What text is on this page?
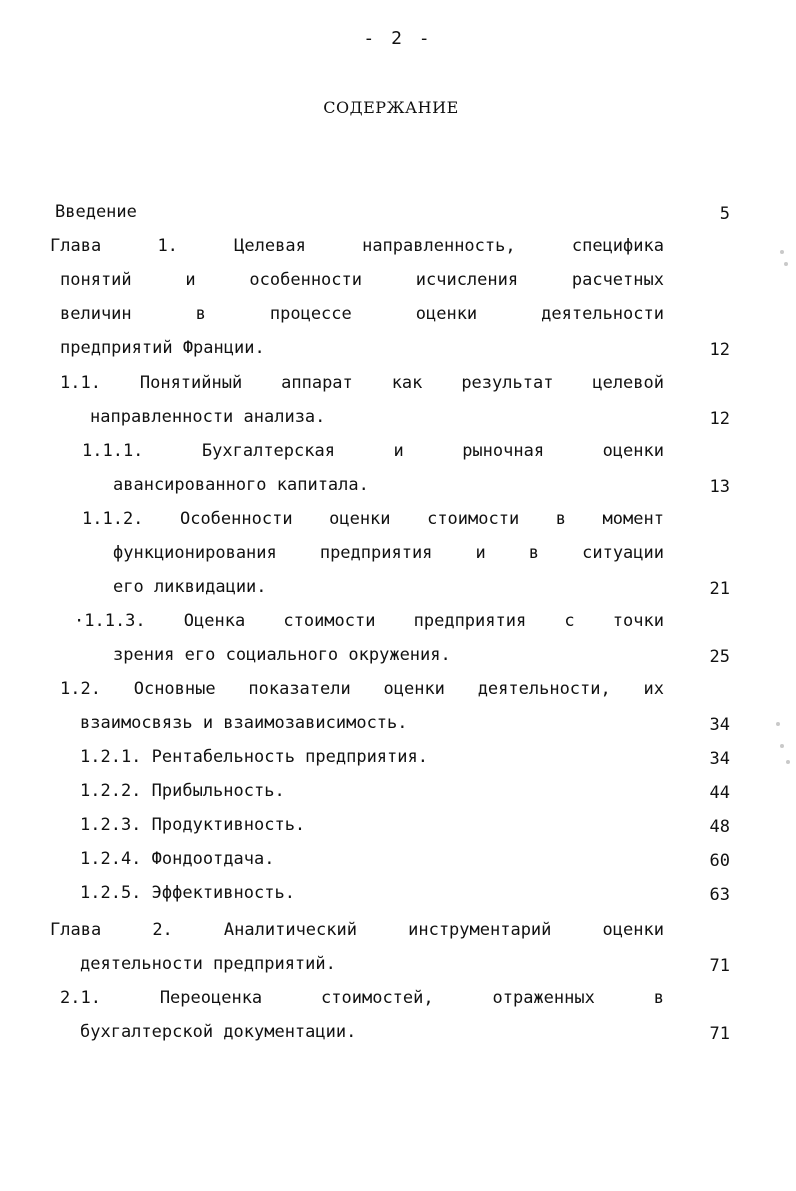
- 2 -
СОДЕРЖАНИЕ
Введение	5
Глава	1.	Целевая	направленность,	специфика
понятий	и	особенности	исчисления	расчетных
величин	в	процессе	оценки	деятельности
предприятий Франции.	12
1.1. Понятийный аппарат как результат целевой
направленности анализа.	12
1.1.1.	Бухгалтерская	и	рыночная	оценки
авансированного капитала.	13
1.1.2. Особенности оценки стоимости в момент
функционирования	предприятия	и	в	ситуации
его ликвидации.	21
·1.1.3. Оценка стоимости предприятия с точки
зрения его социального окружения.	25
1.2. Основные показатели оценки деятельности, их
взаимосвязь и взаимозависимость.	34
1.2.1. Рентабельность предприятия.	34
1.2.2. Прибыльность.	44
1.2.3. Продуктивность.	48
1.2.4. Фондоотдача.	60
1.2.5. Эффективность.	63
Глава	2.	Аналитический	инструментарий	оценки
деятельности предприятий.	71
2.1.	Переоценка	стоимостей,	отраженных	в
бухгалтерской документации.	71
